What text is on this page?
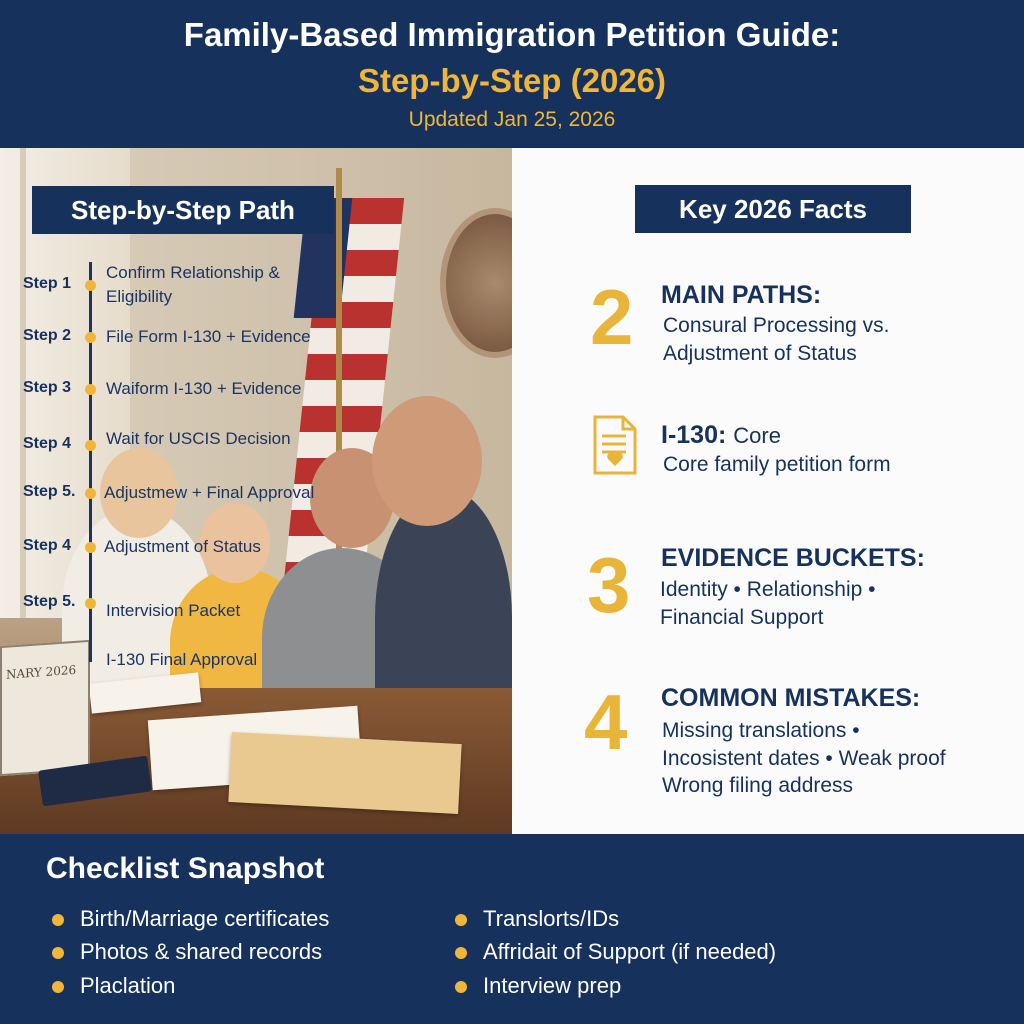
Family-Based Immigration Petition Guide:
Step-by-Step (2026)
Updated Jan 25, 2026
NARY 2026
Step-by-Step Path
Step 1
Confirm Relationship &
Eligibility
Step 2 File Form I-130 + Evidence
Step 3 Waiform I-130 + Evidence
Step 4 Wait for USCIS Decision
Step 5. Adjustmew + Final Approval
Step 4 Adjustment of Status
Step 5. Intervision Packet
I-130 Final Approval
Key 2026 Facts
2 MAIN PATHS:
Consural Processing vs.
Adjustment of Status
I-130: Core
Core family petition form
3 EVIDENCE BUCKETS:
Identity • Relationship •
Financial Support
4 COMMON MISTAKES:
Missing translations •
Incosistent dates • Weak proof
Wrong filing address
Checklist Snapshot
Birth/Marriage certificates
Photos & shared records
Placlation
Translorts/IDs
Affridait of Support (if needed)
Interview prep
